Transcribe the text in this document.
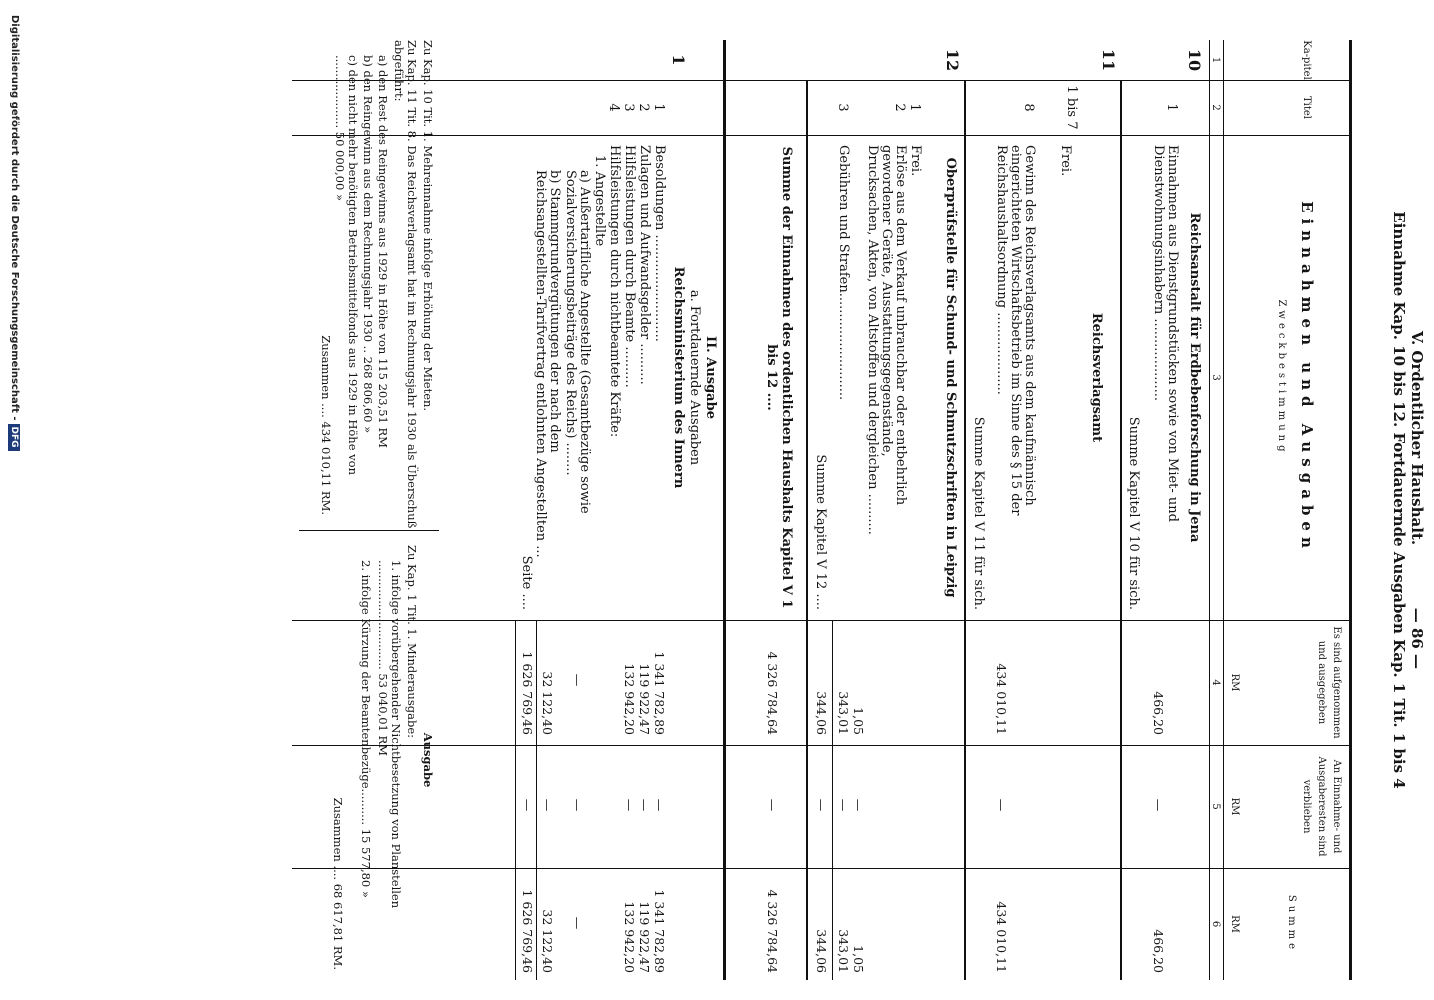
V. Ordentlicher Haushalt.            — 86 —
Einnahme Kap. 10 bis 12. Fortdauernde Ausgaben Kap. 1 Tit. 1 bis 4
Ka-pitel
Titel
Einnahmen und Ausgaben
Zweckbestimmung
Es sind aufgenommen und ausgegeben
RM
An Einnahme- und Ausgaberesten sind verblieben
RM
Summe
RM
1
2
3
4
5
6
10
Reichsanstalt für Erdbebenforschung in Jena
1
Einnahmen aus Dienstgrundstücken sowie von Miet- und Dienstwohnungsinhabern ....................
466,20
—
466,20
Summe Kapitel V 10 für sich.
11
Reichsverlagsamt
1 bis 7
Frei.
8
Gewinn des Reichsverlagsamts aus dem kaufmännisch eingerichteten Wirtschaftsbetrieb im Sinne des § 15 der Reichshaushaltsordnung ....................
434 010,11
—
434 010,11
Summe Kapitel V 11 für sich.
12
Oberprüfstelle für Schund- und Schmutzschriften in Leipzig
1
Frei.
2
Erlöse aus dem Verkauf unbrauchbar oder entbehrlich gewordener Geräte, Ausstattungsgegenstände, Drucksachen, Akten, von Altstoffen und dergleichen ..........
1,05
—
1,05
3
Gebühren und Strafen..........................
343,01
—
343,01
Summe Kapitel V 12 ....
344,06
—
344,06
Summe der Einnahmen des ordentlichen Haushalts Kapitel V 1 bis 12 ....
4 326 784,64
—
4 326 784,64
II. Ausgabe
a. Fortdauernde Ausgaben
1
Reichsministerium des Innern
1
Besoldungen ..........................
1 341 782,89
—
1 341 782,89
2
Zulagen und Aufwandsgelder ..........
119 922,47
—
119 922,47
3
Hilfsleistungen durch Beamte ..........
132 942,20
—
132 942,20
4
Hilfsleistungen durch nichtbeamtete Kräfte:
1. Angestellte
a) Außertarifliche Angestellte (Gesamtbezüge sowie Sozialversicherungsbeiträge des Reichs) ........
—
—
—
b) Stammgrundvergütungen der nach dem Reichsangestellten-Tarifvertrag entlohnten Angestellten ...
32 122,40
—
32 122,40
Seite ....
1 626 769,46
—
1 626 769,46
Zu Kap. 10 Tit. 1. Mehreinnahme infolge Erhöhung der Mieten.
Zu Kap. 11 Tit. 8. Das Reichsverlagsamt hat im Rechnungsjahr 1930 als Überschuß abgeführt:
a) den Rest des Reingewinns aus 1929 in Höhe von 115 203,51 RM
b) den Reingewinn aus dem Rechnungsjahr 1930 .. 268 806,60 »
c) den nicht mehr benötigten Betriebsmittelfonds aus 1929 in Höhe von .................... 50 000,00 »
Zusammen .... 434 010,11 RM.
Ausgabe
Zu Kap. 1 Tit. 1. Minderausgabe:
1. infolge vorübergehender Nichtbesetzung von Planstellen .............................. 53 040,01 RM
2. infolge Kürzung der Beamtenbezüge.......... 15 577,80 »
Zusammen .... 68 617,81 RM.
Digitalisierung gefördert durch die Deutsche Forschungsgemeinschaft -DFG
